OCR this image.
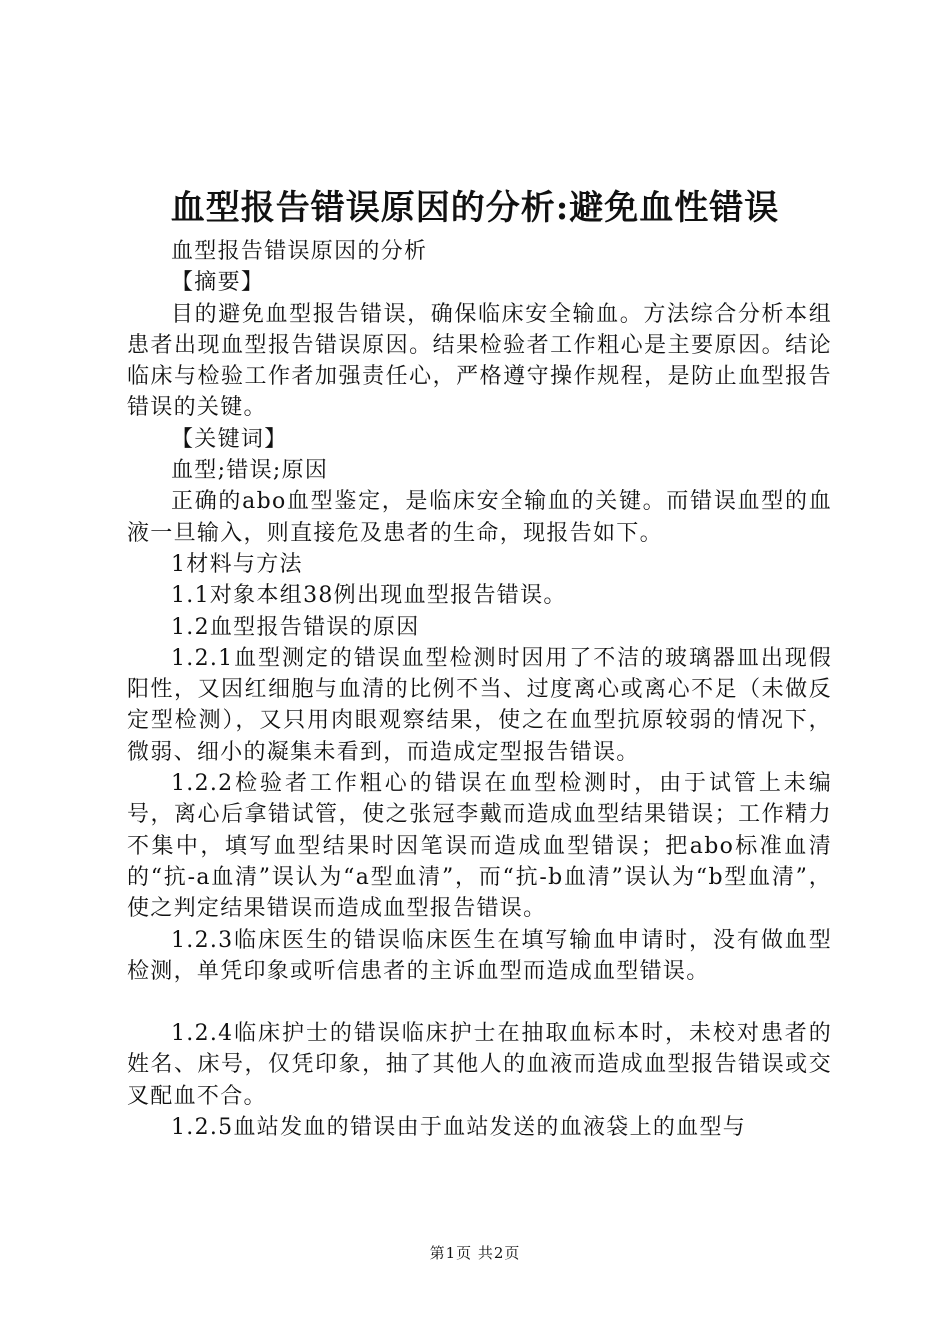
血型报告错误原因的分析:避免血性错误

血型报告错误原因的分析

【摘要】

目的避免血型报告错误，确保临床安全输血。方法综合分析本组患者出现血型报告错误原因。结果检验者工作粗心是主要原因。结论临床与检验工作者加强责任心，严格遵守操作规程，是防止血型报告错误的关键。

【关键词】

血型;错误;原因

正确的abo血型鉴定，是临床安全输血的关键。而错误血型的血液一旦输入，则直接危及患者的生命，现报告如下。

1材料与方法

1.1对象本组38例出现血型报告错误。

1.2血型报告错误的原因

1.2.1血型测定的错误血型检测时因用了不洁的玻璃器皿出现假阳性，又因红细胞与血清的比例不当、过度离心或离心不足（未做反定型检测），又只用肉眼观察结果，使之在血型抗原较弱的情况下，微弱、细小的凝集未看到，而造成定型报告错误。

1.2.2检验者工作粗心的错误在血型检测时，由于试管上未编号，离心后拿错试管，使之张冠李戴而造成血型结果错误；工作精力不集中，填写血型结果时因笔误而造成血型错误；把abo标准血清的“抗-a血清”误认为“a型血清”，而“抗-b血清”误认为“b型血清”，使之判定结果错误而造成血型报告错误。

1.2.3临床医生的错误临床医生在填写输血申请时，没有做血型检测，单凭印象或听信患者的主诉血型而造成血型错误。

1.2.4临床护士的错误临床护士在抽取血标本时，未校对患者的姓名、床号，仅凭印象，抽了其他人的血液而造成血型报告错误或交叉配血不合。

1.2.5血站发血的错误由于血站发送的血液袋上的血型与

第1页 共2页
